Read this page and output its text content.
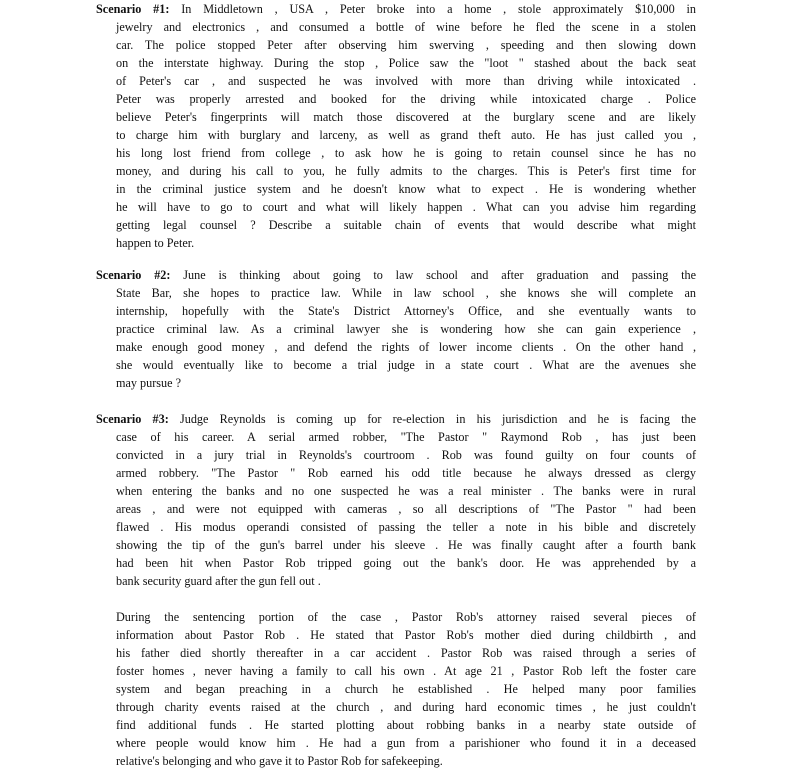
Scenario #1: In Middletown , USA , Peter broke into a home , stole approximately $10,000 in
jewelry and electronics , and consumed a bottle of wine before he fled the scene in a stolen
car. The police stopped Peter after observing him swerving , speeding and then slowing down
on the interstate highway. During the stop , Police saw the "loot " stashed about the back seat
of Peter's car , and suspected he was involved with more than driving while intoxicated .
Peter was properly arrested and booked for the driving while intoxicated charge . Police
believe Peter's fingerprints will match those discovered at the burglary scene and are likely
to charge him with burglary and larceny, as well as grand theft auto. He has just called you ,
his long lost friend from college , to ask how he is going to retain counsel since he has no
money, and during his call to you, he fully admits to the charges. This is Peter's first time for
in the criminal justice system and he doesn't know what to expect . He is wondering whether
he will have to go to court and what will likely happen . What can you advise him regarding
getting legal counsel ? Describe a suitable chain of events that would describe what might
happen to Peter.
Scenario #2: June is thinking about going to law school and after graduation and passing the
State Bar, she hopes to practice law. While in law school , she knows she will complete an
internship, hopefully with the State's District Attorney's Office, and she eventually wants to
practice criminal law. As a criminal lawyer she is wondering how she can gain experience ,
make enough good money , and defend the rights of lower income clients . On the other hand ,
she would eventually like to become a trial judge in a state court . What are the avenues she
may pursue ?
Scenario #3: Judge Reynolds is coming up for re-election in his jurisdiction and he is facing the
case of his career. A serial armed robber, "The Pastor " Raymond Rob , has just been
convicted in a jury trial in Reynolds's courtroom . Rob was found guilty on four counts of
armed robbery. "The Pastor " Rob earned his odd title because he always dressed as clergy
when entering the banks and no one suspected he was a real minister . The banks were in rural
areas , and were not equipped with cameras , so all descriptions of "The Pastor " had been
flawed . His modus operandi consisted of passing the teller a note in his bible and discretely
showing the tip of the gun's barrel under his sleeve . He was finally caught after a fourth bank
had been hit when Pastor Rob tripped going out the bank's door. He was apprehended by a
bank security guard after the gun fell out .
During the sentencing portion of the case , Pastor Rob's attorney raised several pieces of
information about Pastor Rob . He stated that Pastor Rob's mother died during childbirth , and
his father died shortly thereafter in a car accident . Pastor Rob was raised through a series of
foster homes , never having a family to call his own . At age 21 , Pastor Rob left the foster care
system and began preaching in a church he established . He helped many poor families
through charity events raised at the church , and during hard economic times , he just couldn't
find additional funds . He started plotting about robbing banks in a nearby state outside of
where people would know him . He had a gun from a parishioner who found it in a deceased
relative's belonging and who gave it to Pastor Rob for safekeeping.
